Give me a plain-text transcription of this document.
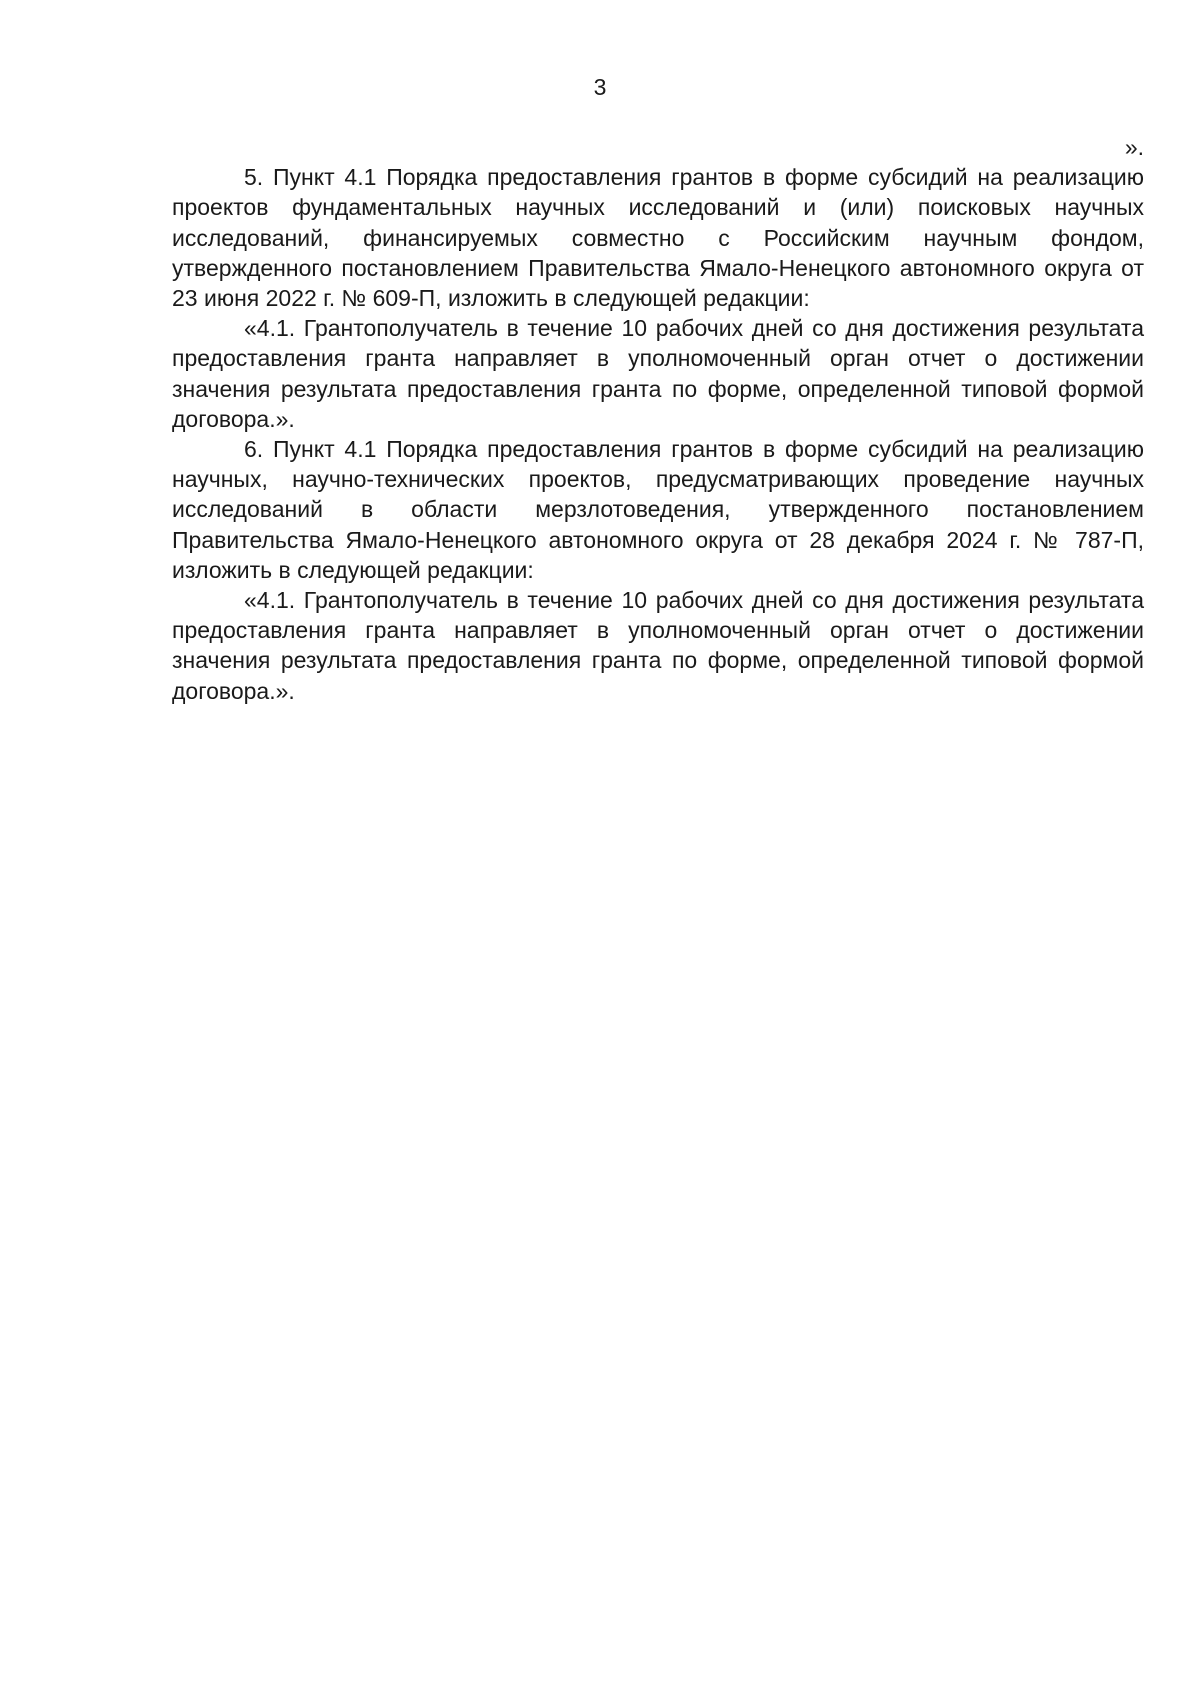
3

».

5. Пункт 4.1 Порядка предоставления грантов в форме субсидий на реализацию проектов фундаментальных научных исследований и (или) поисковых научных исследований, финансируемых совместно с Российским научным фондом, утвержденного постановлением Правительства Ямало-Ненецкого автономного округа от 23 июня 2022 г. № 609-П, изложить в следующей редакции:

«4.1. Грантополучатель в течение 10 рабочих дней со дня достижения результата предоставления гранта направляет в уполномоченный орган отчет о достижении значения результата предоставления гранта по форме, определенной типовой формой договора.».

6. Пункт 4.1 Порядка предоставления грантов в форме субсидий на реализацию научных, научно-технических проектов, предусматривающих проведение научных исследований в области мерзлотоведения, утвержденного постановлением Правительства Ямало-Ненецкого автономного округа от 28 декабря 2024 г. № 787-П, изложить в следующей редакции:

«4.1. Грантополучатель в течение 10 рабочих дней со дня достижения результата предоставления гранта направляет в уполномоченный орган отчет о достижении значения результата предоставления гранта по форме, определенной типовой формой договора.».
